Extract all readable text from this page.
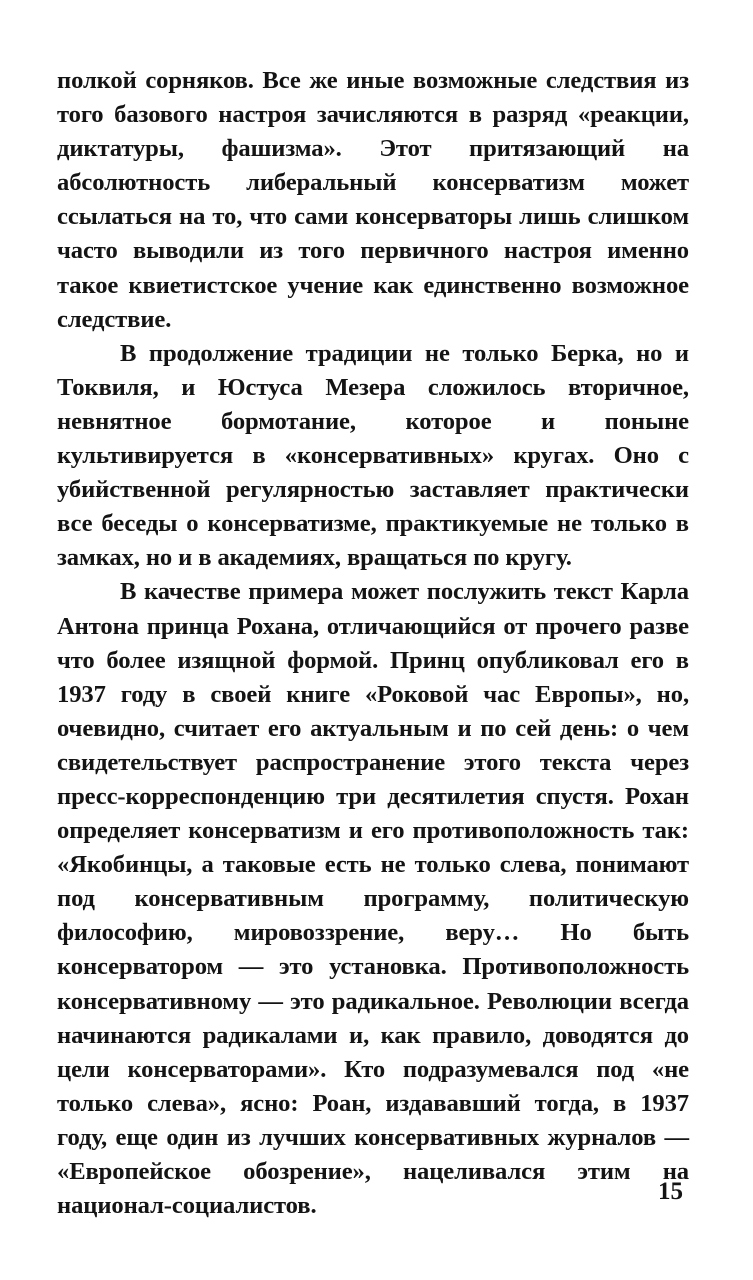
полкой сорняков. Все же иные возможные следствия из того базового настроя зачисляются в разряд «реакции, диктатуры, фашизма». Этот притязающий на абсолютность либеральный консерватизм может ссылаться на то, что сами консерваторы лишь слишком часто выводили из того первичного настроя именно такое квиетистское учение как единственно возможное следствие.

В продолжение традиции не только Берка, но и Токвиля, и Юстуса Мезера сложилось вторичное, невнятное бормотание, которое и поныне культивируется в «консервативных» кругах. Оно с убийственной регулярностью заставляет практически все беседы о консерватизме, практикуемые не только в замках, но и в академиях, вращаться по кругу.

В качестве примера может послужить текст Карла Антона принца Рохана, отличающийся от прочего разве что более изящной формой. Принц опубликовал его в 1937 году в своей книге «Роковой час Европы», но, очевидно, считает его актуальным и по сей день: о чем свидетельствует распространение этого текста через пресс-корреспонденцию три десятилетия спустя. Рохан определяет консерватизм и его противоположность так: «Якобинцы, а таковые есть не только слева, понимают под консервативным программу, политическую философию, мировоззрение, веру… Но быть консерватором — это установка. Противоположность консервативному — это радикальное. Революции всегда начинаются радикалами и, как правило, доводятся до цели консерваторами». Кто подразумевался под «не только слева», ясно: Роан, издававший тогда, в 1937 году, еще один из лучших консервативных журналов — «Европейское обозрение», нацеливался этим на национал-социалистов.

15
